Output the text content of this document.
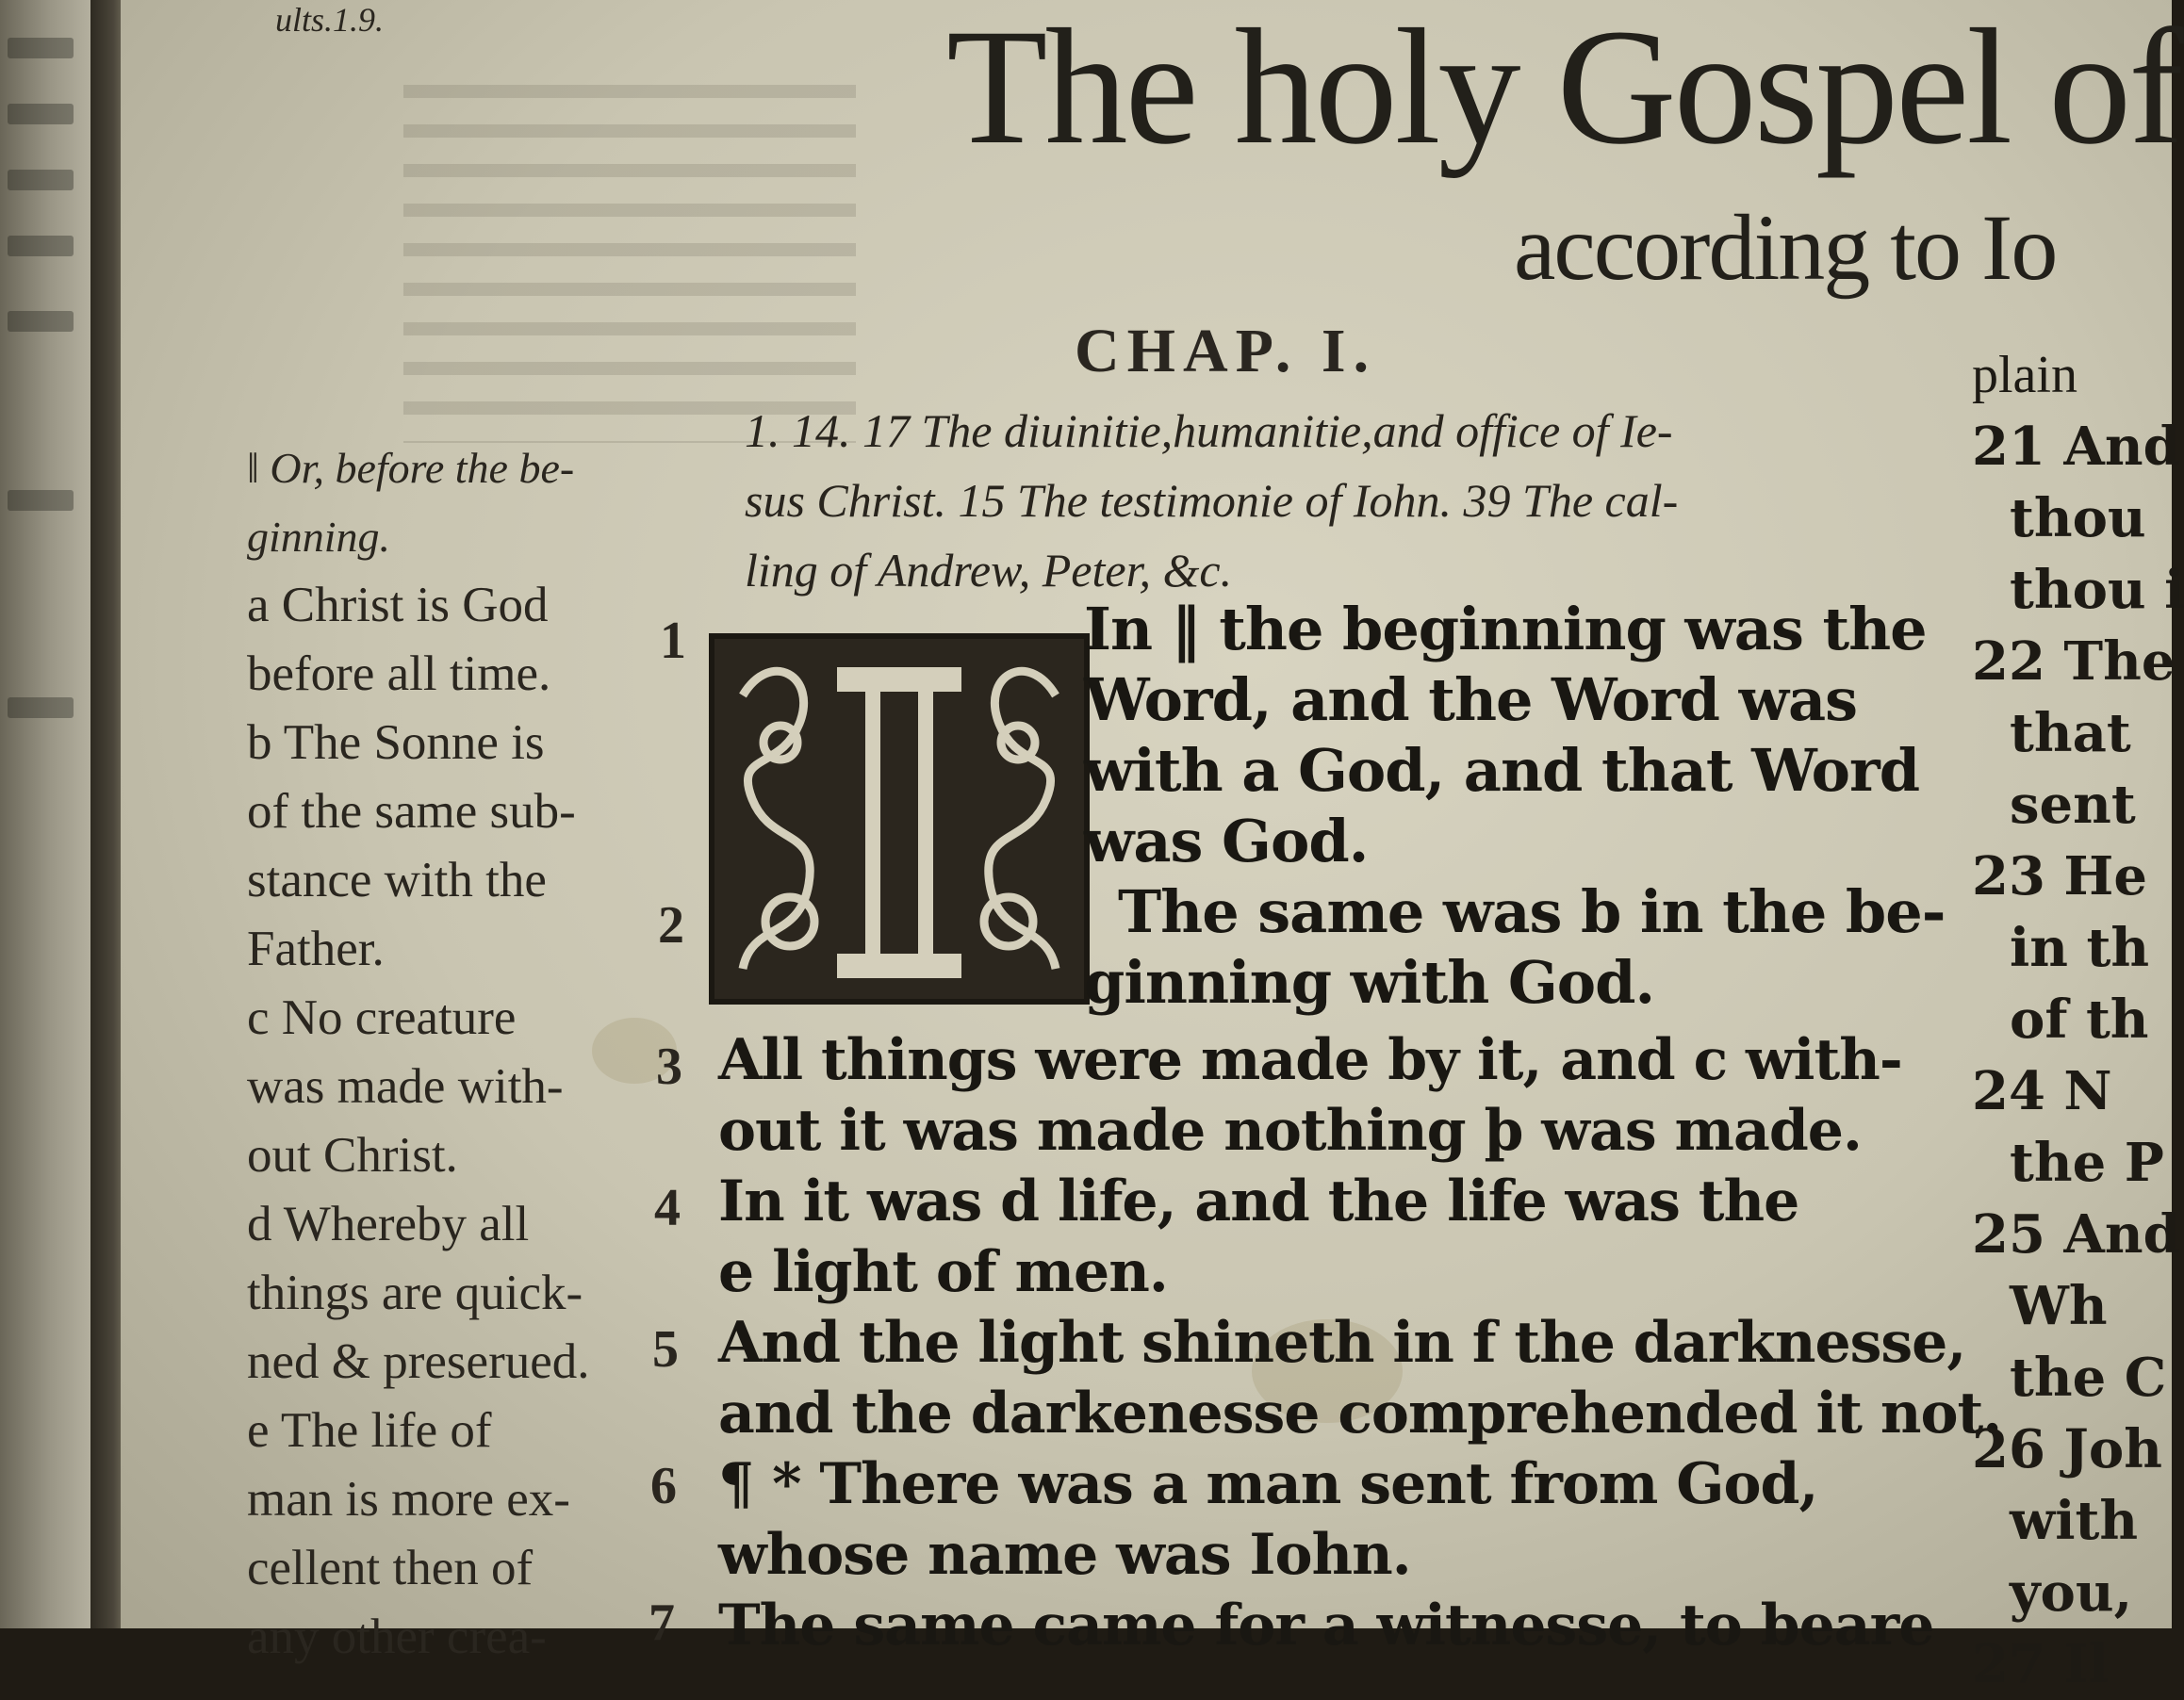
ults.1.9.	The holy Gospel of
according to Io
CHAP. I.
1. 14. 17 The diuinitie,humanitie,and office of Ie-
sus Christ. 15 The testimonie of Iohn. 39 The cal-
ling of Andrew, Peter, &c.
‖ Or, before the be-
ginning.
a Christ is God
before all time.
b The Sonne is
of the same sub-
stance with the
Father.
c No creature
was made with-
out Christ.
d Whereby all
things are quick-
ned & preserued.
e The life of
man is more ex-
cellent then of
any other crea-
1
2
3
4
5
6
7
In ‖ the beginning was the
Word, and the Word was
with a God, and that Word
was God.
The same was b in the be-
ginning with God.
All things were made by it, and c with-
out it was made nothing þ was made.
In it was d life, and the life was the
e light of men.
And the light shineth in f the darknesse,
and the darkenesse comprehended it not.
¶ * There was a man sent from God,
whose name was Iohn.
The same came for a witnesse, to beare
plain
21 And
thou
thou i
22 The
that
sent
23 He
in th
of th
24 N
the P
25 And
Wh
the C
26 Joh
with
you,
27 Il
